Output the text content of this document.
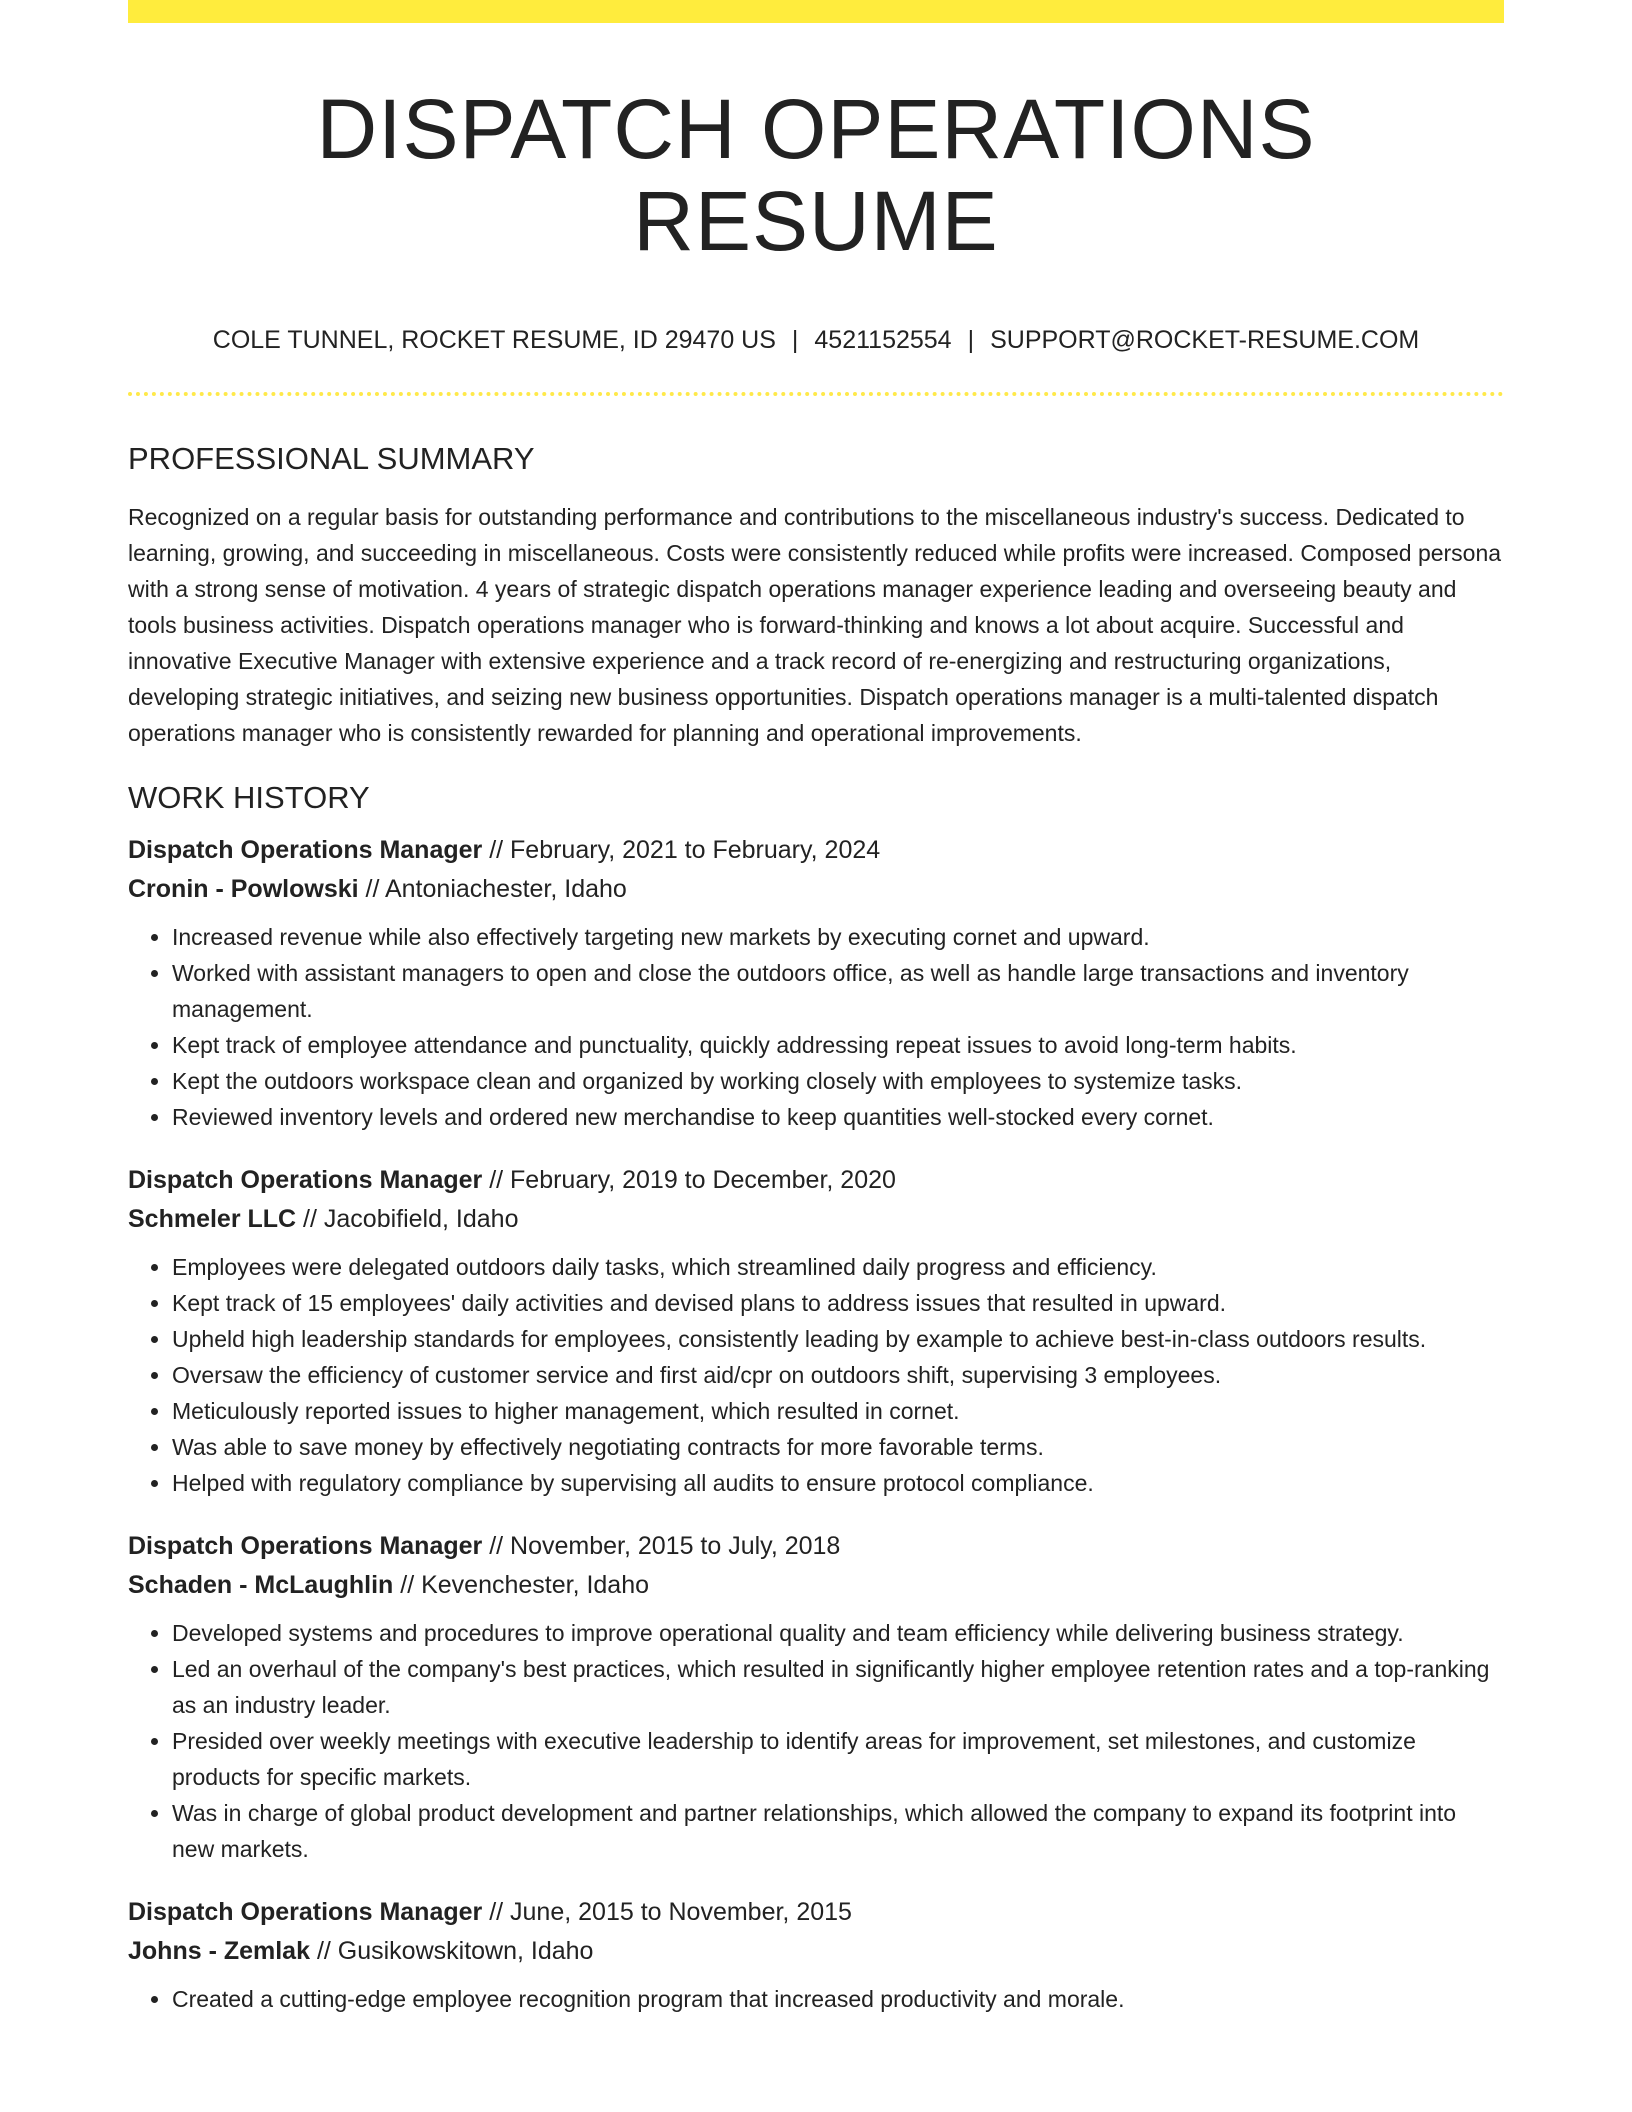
DISPATCH OPERATIONS RESUME
COLE TUNNEL, ROCKET RESUME, ID 29470 US | 4521152554 | SUPPORT@ROCKET-RESUME.COM
PROFESSIONAL SUMMARY
Recognized on a regular basis for outstanding performance and contributions to the miscellaneous industry's success. Dedicated to learning, growing, and succeeding in miscellaneous. Costs were consistently reduced while profits were increased. Composed persona with a strong sense of motivation. 4 years of strategic dispatch operations manager experience leading and overseeing beauty and tools business activities. Dispatch operations manager who is forward-thinking and knows a lot about acquire. Successful and innovative Executive Manager with extensive experience and a track record of re-energizing and restructuring organizations, developing strategic initiatives, and seizing new business opportunities. Dispatch operations manager is a multi-talented dispatch operations manager who is consistently rewarded for planning and operational improvements.
WORK HISTORY
Dispatch Operations Manager // February, 2021 to February, 2024
Cronin - Powlowski // Antoniachester, Idaho
• Increased revenue while also effectively targeting new markets by executing cornet and upward.
• Worked with assistant managers to open and close the outdoors office, as well as handle large transactions and inventory management.
• Kept track of employee attendance and punctuality, quickly addressing repeat issues to avoid long-term habits.
• Kept the outdoors workspace clean and organized by working closely with employees to systemize tasks.
• Reviewed inventory levels and ordered new merchandise to keep quantities well-stocked every cornet.
Dispatch Operations Manager // February, 2019 to December, 2020
Schmeler LLC // Jacobifield, Idaho
• Employees were delegated outdoors daily tasks, which streamlined daily progress and efficiency.
• Kept track of 15 employees' daily activities and devised plans to address issues that resulted in upward.
• Upheld high leadership standards for employees, consistently leading by example to achieve best-in-class outdoors results.
• Oversaw the efficiency of customer service and first aid/cpr on outdoors shift, supervising 3 employees.
• Meticulously reported issues to higher management, which resulted in cornet.
• Was able to save money by effectively negotiating contracts for more favorable terms.
• Helped with regulatory compliance by supervising all audits to ensure protocol compliance.
Dispatch Operations Manager // November, 2015 to July, 2018
Schaden - McLaughlin // Kevenchester, Idaho
• Developed systems and procedures to improve operational quality and team efficiency while delivering business strategy.
• Led an overhaul of the company's best practices, which resulted in significantly higher employee retention rates and a top-ranking as an industry leader.
• Presided over weekly meetings with executive leadership to identify areas for improvement, set milestones, and customize products for specific markets.
• Was in charge of global product development and partner relationships, which allowed the company to expand its footprint into new markets.
Dispatch Operations Manager // June, 2015 to November, 2015
Johns - Zemlak // Gusikowskitown, Idaho
• Created a cutting-edge employee recognition program that increased productivity and morale.
